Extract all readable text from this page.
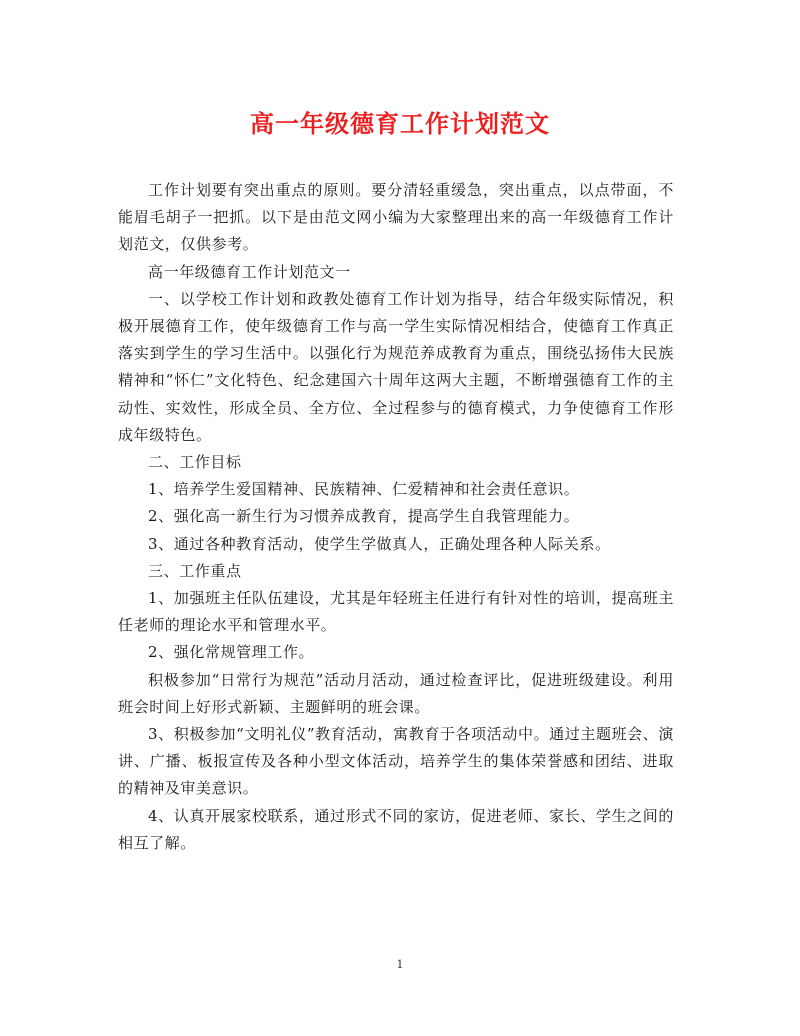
高一年级德育工作计划范文

工作计划要有突出重点的原则。要分清轻重缓急，突出重点，以点带面，不能眉毛胡子一把抓。以下是由范文网小编为大家整理出来的高一年级德育工作计划范文，仅供参考。

高一年级德育工作计划范文一

一、以学校工作计划和政教处德育工作计划为指导，结合年级实际情况，积极开展德育工作，使年级德育工作与高一学生实际情况相结合，使德育工作真正落实到学生的学习生活中。以强化行为规范养成教育为重点，围绕弘扬伟大民族精神和“怀仁”文化特色、纪念建国六十周年这两大主题，不断增强德育工作的主动性、实效性，形成全员、全方位、全过程参与的德育模式，力争使德育工作形成年级特色。

二、工作目标

1、培养学生爱国精神、民族精神、仁爱精神和社会责任意识。

2、强化高一新生行为习惯养成教育，提高学生自我管理能力。

3、通过各种教育活动，使学生学做真人，正确处理各种人际关系。

三、工作重点

1、加强班主任队伍建设，尤其是年轻班主任进行有针对性的培训，提高班主任老师的理论水平和管理水平。

2、强化常规管理工作。

积极参加“日常行为规范”活动月活动，通过检查评比，促进班级建设。利用班会时间上好形式新颖、主题鲜明的班会课。

3、积极参加“文明礼仪”教育活动，寓教育于各项活动中。通过主题班会、演讲、广播、板报宣传及各种小型文体活动，培养学生的集体荣誉感和团结、进取的精神及审美意识。

4、认真开展家校联系，通过形式不同的家访，促进老师、家长、学生之间的相互了解。

1
